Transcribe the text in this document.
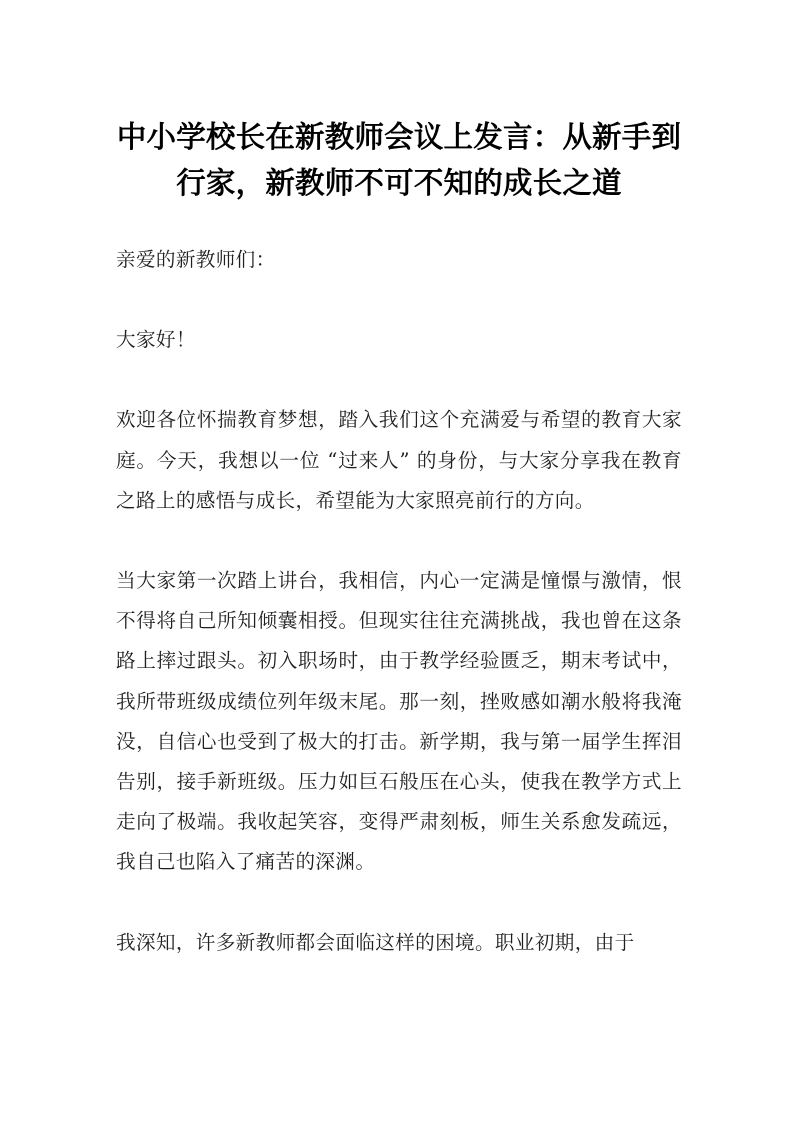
中小学校长在新教师会议上发言：从新手到行家，新教师不可不知的成长之道

亲爱的新教师们：

大家好！

欢迎各位怀揣教育梦想，踏入我们这个充满爱与希望的教育大家庭。今天，我想以一位 “过来人” 的身份，与大家分享我在教育之路上的感悟与成长，希望能为大家照亮前行的方向。

当大家第一次踏上讲台，我相信，内心一定满是憧憬与激情，恨不得将自己所知倾囊相授。但现实往往充满挑战，我也曾在这条路上摔过跟头。初入职场时，由于教学经验匮乏，期末考试中，我所带班级成绩位列年级末尾。那一刻，挫败感如潮水般将我淹没，自信心也受到了极大的打击。新学期，我与第一届学生挥泪告别，接手新班级。压力如巨石般压在心头，使我在教学方式上走向了极端。我收起笑容，变得严肃刻板，师生关系愈发疏远，我自己也陷入了痛苦的深渊。

我深知，许多新教师都会面临这样的困境。职业初期，由于
